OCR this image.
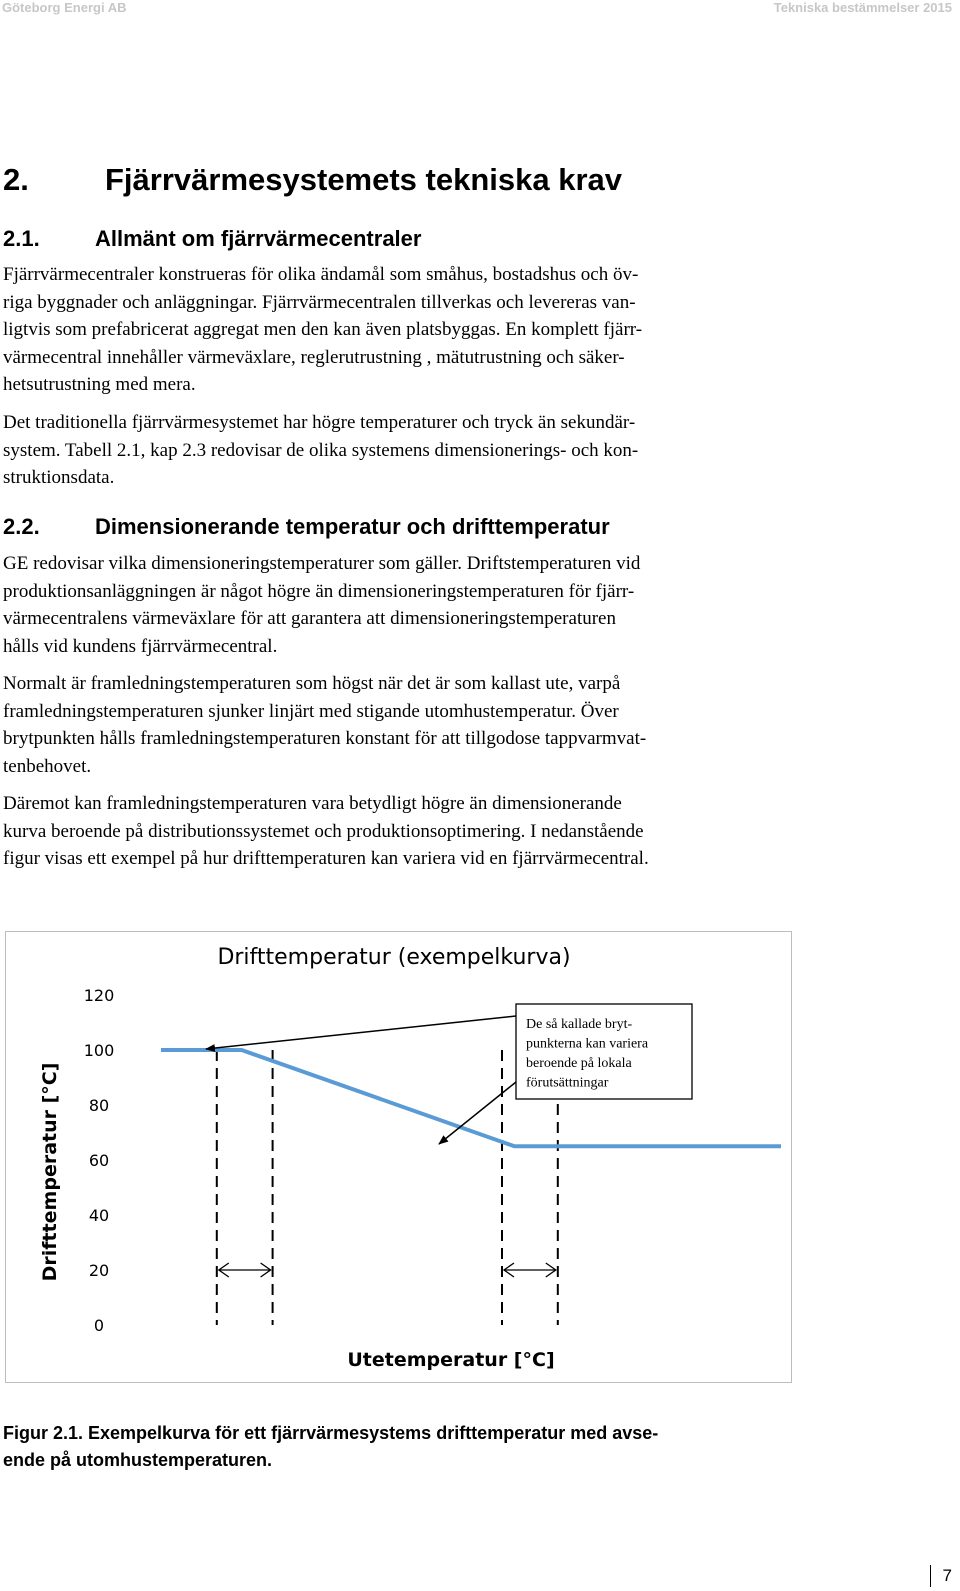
Göteborg Energi AB	Tekniska bestämmelser 2015
2. Fjärrvärmesystemets tekniska krav
2.1.	Allmänt om fjärrvärmecentraler

Fjärrvärmecentraler konstrueras för olika ändamål som småhus, bostadshus och öv-
riga byggnader och anläggningar. Fjärrvärmecentralen tillverkas och levereras van-
ligtvis som prefabricerat aggregat men den kan även platsbyggas. En komplett fjärr-
värmecentral innehåller värmeväxlare, reglerutrustning , mätutrustning och säker-
hetsutrustning med mera.

Det traditionella fjärrvärmesystemet har högre temperaturer och tryck än sekundär-
system. Tabell 2.1, kap 2.3 redovisar de olika systemens dimensionerings- och kon-
struktionsdata.

2.2.	Dimensionerande temperatur och drifttemperatur

GE redovisar vilka dimensioneringstemperaturer som gäller. Driftstemperaturen vid
produktionsanläggningen är något högre än dimensioneringstemperaturen för fjärr-
värmecentralens värmeväxlare för att garantera att dimensioneringstemperaturen
hålls vid kundens fjärrvärmecentral.

Normalt är framledningstemperaturen som högst när det är som kallast ute, varpå
framledningstemperaturen sjunker linjärt med stigande utomhustemperatur. Över
brytpunkten hålls framledningstemperaturen konstant för att tillgodose tappvarmvat-
tenbehovet.

Däremot kan framledningstemperaturen vara betydligt högre än dimensionerande
kurva beroende på distributionssystemet och produktionsoptimering. I nedanstående
figur visas ett exempel på hur drifttemperaturen kan variera vid en fjärrvärmecentral.

Drifttemperatur (exempelkurva)
Drifttemperatur [°C]
Utetemperatur [°C]
0
20
40
60
80
100
120
De så kallade bryt-punkterna kan variera beroende på lokala förutsättningar

Figur 2.1. Exempelkurva för ett fjärrvärmesystems drifttemperatur med avse-
ende på utomhustemperaturen.

7
